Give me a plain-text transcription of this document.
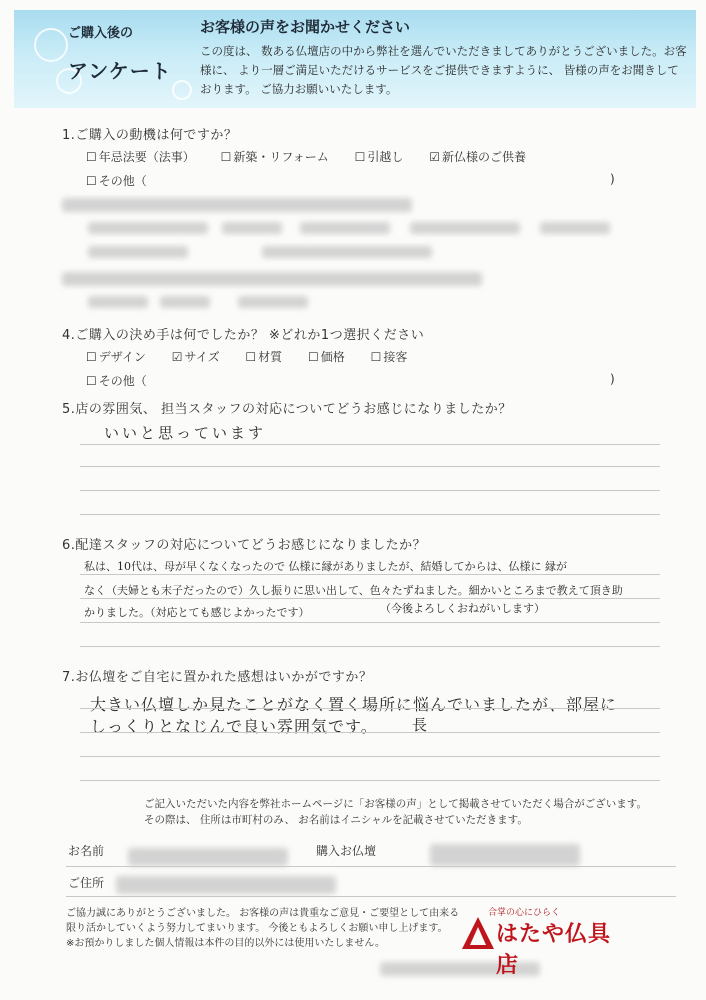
ご購入後の
アンケート
お客様の声をお聞かせください
この度は、 数ある仏壇店の中から弊社を選んでいただきましてありがとうございました。お客様に、 より一層ご満足いただけるサービスをご提供できますように、 皆様の声をお聞きしております。 ご協力お願いいたします。
1.ご購入の動機は何ですか？
☐ 年忌法要（法事）	☐ 新築・リフォーム	☐ 引越し	☑ 新仏様のご供養
☐ その他（	)
4.ご購入の決め手は何でしたか？ ※どれか1つ選択ください
☐ デザイン	☑ サイズ	☐ 材質	☐ 価格	☐ 接客
☐ その他（	)
5.店の雰囲気、 担当スタッフの対応についてどうお感じになりましたか？
いいと思っています
6.配達スタッフの対応についてどうお感じになりましたか？
私は、10代は、母が早くなくなったので 仏様に縁がありましたが、結婚してからは、仏様に 縁が
なく（夫婦とも末子だったので）久し振りに思い出して、色々たずねました。細かいところまで教えて頂き助
かりました。（対応とても感じよかったです）	（今後よろしくおねがいします）
7.お仏壇をご自宅に置かれた感想はいかがですか？
大きい仏壇しか見たことがなく置く場所に悩んでいましたが、部屋に
しっくりとなじんで良い雰囲気です。 長
ご記入いただいた内容を弊社ホームページに「お客様の声」として掲載させていただく場合がございます。
その際は、 住所は市町村のみ、 お名前はイニシャルを記載させていただきます。
お名前	購入お仏壇
ご住所
ご協力誠にありがとうございました。 お客様の声は貴重なご意見・ご要望として由来る
限り活かしていくよう努力してまいります。 今後ともよろしくお願い申し上げます。
※お預かりしました個人情報は本件の目的以外には使用いたしません。
合掌の心にひらく
はたや仏具店
